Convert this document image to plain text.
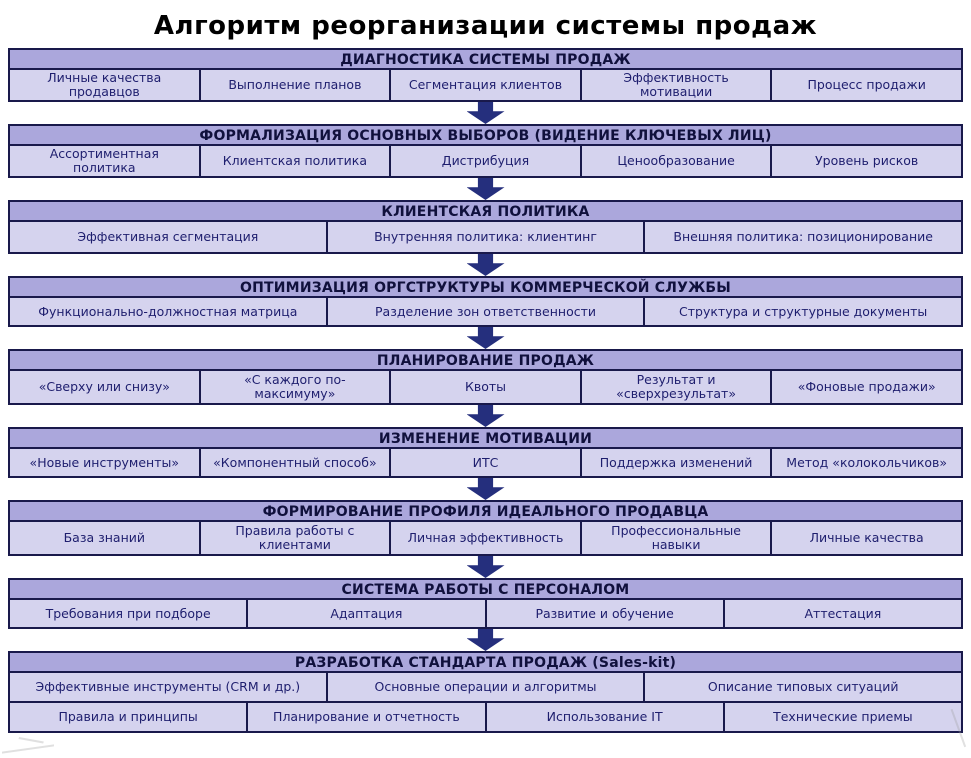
Алгоритм реорганизации системы продаж
ДИАГНОСТИКА СИСТЕМЫ ПРОДАЖ
Личные качества продавцов	Выполнение планов	Сегментация клиентов	Эффективность мотивации	Процесс продажи
ФОРМАЛИЗАЦИЯ ОСНОВНЫХ ВЫБОРОВ (ВИДЕНИЕ КЛЮЧЕВЫХ ЛИЦ)
Ассортиментная политика	Клиентская политика	Дистрибуция	Ценообразование	Уровень рисков
КЛИЕНТСКАЯ ПОЛИТИКА
Эффективная сегментация	Внутренняя политика: клиентинг	Внешняя политика: позиционирование
ОПТИМИЗАЦИЯ ОРГСТРУКТУРЫ КОММЕРЧЕСКОЙ СЛУЖБЫ
Функционально-должностная матрица	Разделение зон ответственности	Структура и структурные документы
ПЛАНИРОВАНИЕ ПРОДАЖ
«Сверху или снизу»	«С каждого по-максимуму»	Квоты	Результат и «сверхрезультат»	«Фоновые продажи»
ИЗМЕНЕНИЕ МОТИВАЦИИ
«Новые инструменты»	«Компонентный способ»	ИТС	Поддержка изменений	Метод «колокольчиков»
ФОРМИРОВАНИЕ ПРОФИЛЯ ИДЕАЛЬНОГО ПРОДАВЦА
База знаний	Правила работы с клиентами	Личная эффективность	Профессиональные навыки	Личные качества
СИСТЕМА РАБОТЫ С ПЕРСОНАЛОМ
Требования при подборе	Адаптация	Развитие и обучение	Аттестация
РАЗРАБОТКА СТАНДАРТА ПРОДАЖ (Sales-kit)
Эффективные инструменты (CRM и др.)	Основные операции и алгоритмы	Описание типовых ситуаций
Правила и принципы	Планирование и отчетность	Использование IT	Технические приемы
